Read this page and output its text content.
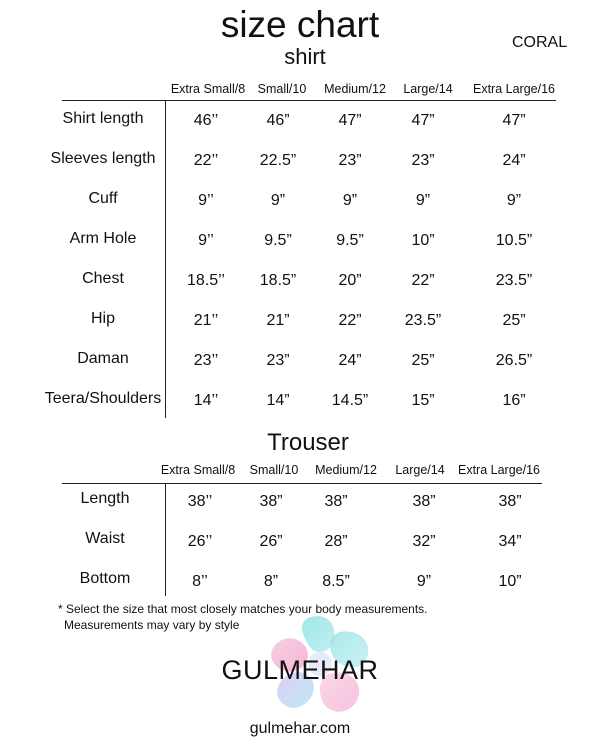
size chart
shirt
CORAL
Extra Small/8 Small/10 Medium/12 Large/14 Extra Large/16
Shirt length	46’’	46”	47”	47”	47”
Sleeves length 22’’	22.5”	23”	23”	24”
Cuff	9’’	9”	9”	9”	9”
Arm Hole	9’’	9.5”	9.5”	10”	10.5”
Chest	18.5’’ 18.5”	20”	22”	23.5”
Hip	21’’	21”	22”	23.5”	25”
Daman	23’’	23”	24”	25”	26.5”
Teera/Shoulders 14’’	14”	14.5”	15”	16”
Trouser
Extra Small/8 Small/10 Medium/12 Large/14 Extra Large/16
Length	38’’	38”	38”	38”	38”
Waist	26’’	26”	28”	32”	34”
Bottom	8’’	8”	8.5”	9”	10”
* Select the size that most closely matches your body measurements.
Measurements may vary by style
GULMEHAR
gulmehar.com
